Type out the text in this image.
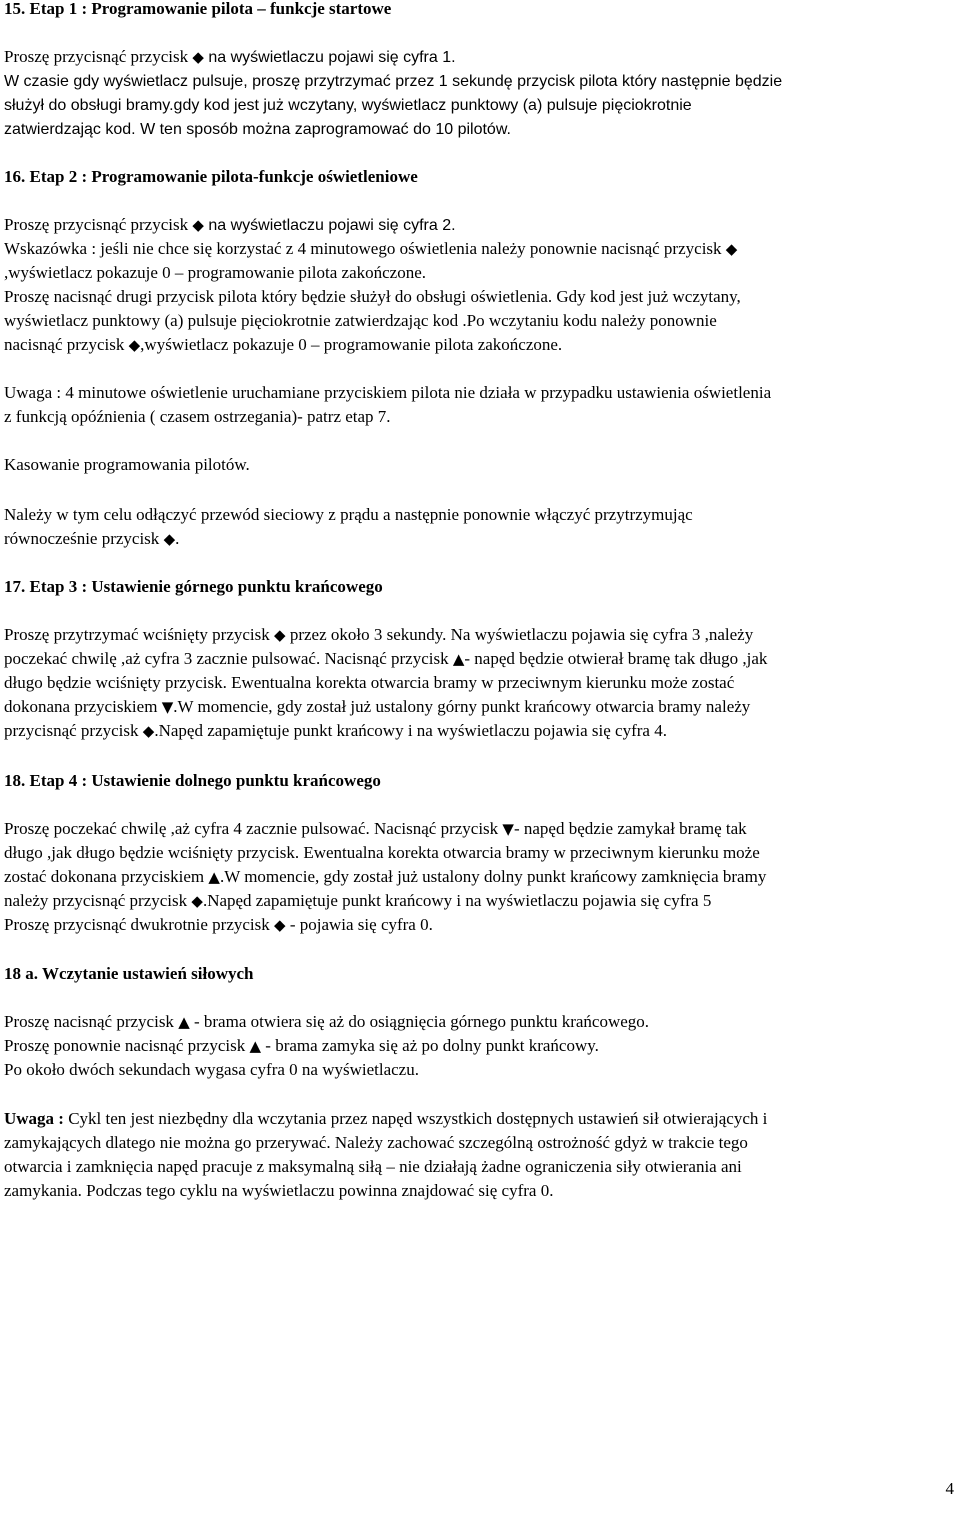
4
15. Etap 1 : Programowanie pilota – funkcje startowe
Proszę przycisnąć przycisk ◆ na wyświetlaczu pojawi się cyfra 1.
W czasie gdy wyświetlacz pulsuje, proszę przytrzymać przez 1 sekundę przycisk pilota który następnie będzie
służył do obsługi bramy.gdy kod jest już wczytany, wyświetlacz punktowy (a) pulsuje pięciokrotnie
zatwierdzając kod. W ten sposób można zaprogramować do 10 pilotów.
16. Etap 2 : Programowanie pilota-funkcje oświetleniowe
Proszę przycisnąć przycisk ◆ na wyświetlaczu pojawi się cyfra 2.
Wskazówka : jeśli nie chce się korzystać z 4 minutowego oświetlenia należy ponownie nacisnąć przycisk ◆
,wyświetlacz pokazuje 0 – programowanie pilota zakończone.
Proszę nacisnąć drugi przycisk pilota który będzie służył do obsługi oświetlenia. Gdy kod jest już wczytany,
wyświetlacz punktowy (a) pulsuje pięciokrotnie zatwierdzając kod .Po wczytaniu kodu należy ponownie
nacisnąć przycisk ◆,wyświetlacz pokazuje 0 – programowanie pilota zakończone.
Uwaga : 4 minutowe oświetlenie uruchamiane przyciskiem pilota nie działa w przypadku ustawienia oświetlenia
z funkcją opóźnienia ( czasem ostrzegania)- patrz etap 7.
Kasowanie programowania pilotów.
Należy w tym celu odłączyć przewód sieciowy z prądu a następnie ponownie włączyć przytrzymując
równocześnie przycisk ◆.
17. Etap 3 : Ustawienie górnego punktu krańcowego
Proszę przytrzymać wciśnięty przycisk ◆ przez około 3 sekundy. Na wyświetlaczu pojawia się cyfra 3 ,należy
poczekać chwilę ,aż cyfra 3 zacznie pulsować. Nacisnąć przycisk ▲- napęd będzie otwierał bramę tak długo ,jak
długo będzie wciśnięty przycisk. Ewentualna korekta otwarcia bramy w przeciwnym kierunku może zostać
dokonana przyciskiem ▼.W momencie, gdy został już ustalony górny punkt krańcowy otwarcia bramy należy
przycisnąć przycisk ◆.Napęd zapamiętuje punkt krańcowy i na wyświetlaczu pojawia się cyfra 4.
18. Etap 4 : Ustawienie dolnego punktu krańcowego
Proszę poczekać chwilę ,aż cyfra 4 zacznie pulsować. Nacisnąć przycisk ▼- napęd będzie zamykał bramę tak
długo ,jak długo będzie wciśnięty przycisk. Ewentualna korekta otwarcia bramy w przeciwnym kierunku może
zostać dokonana przyciskiem ▲.W momencie, gdy został już ustalony dolny punkt krańcowy zamknięcia bramy
należy przycisnąć przycisk ◆.Napęd zapamiętuje punkt krańcowy i na wyświetlaczu pojawia się cyfra 5
Proszę przycisnąć dwukrotnie przycisk ◆ - pojawia się cyfra 0.
18 a. Wczytanie ustawień siłowych
Proszę nacisnąć przycisk ▲ - brama otwiera się aż do osiągnięcia górnego punktu krańcowego.
Proszę ponownie nacisnąć przycisk ▲ - brama zamyka się aż po dolny punkt krańcowy.
Po około dwóch sekundach wygasa cyfra 0 na wyświetlaczu.
Uwaga : Cykl ten jest niezbędny dla wczytania przez napęd wszystkich dostępnych ustawień sił otwierających i
zamykających dlatego nie można go przerywać. Należy zachować szczególną ostrożność gdyż w trakcie tego
otwarcia i zamknięcia napęd pracuje z maksymalną siłą – nie działają żadne ograniczenia siły otwierania ani
zamykania. Podczas tego cyklu na wyświetlaczu powinna znajdować się cyfra 0.
